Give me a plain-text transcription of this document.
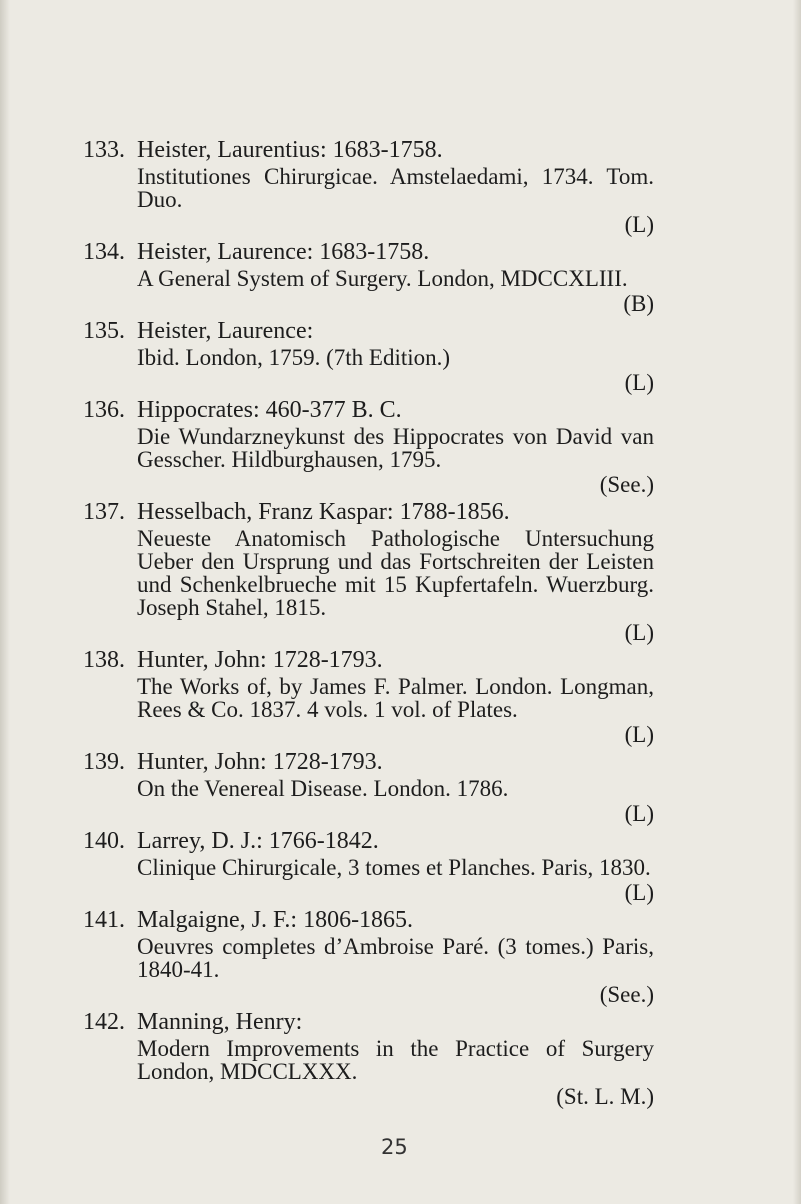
133. Heister, Laurentius: 1683-1758.
Institutiones Chirurgicae. Amstelaedami, 1734. Tom. Duo.
(L)
134. Heister, Laurence: 1683-1758.
A General System of Surgery. London, MDCCXLIII.
(B)
135. Heister, Laurence:
Ibid. London, 1759. (7th Edition.)
(L)
136. Hippocrates: 460-377 B. C.
Die Wundarzneykunst des Hippocrates von David van Gesscher. Hildburghausen, 1795.
(See.)
137. Hesselbach, Franz Kaspar: 1788-1856.
Neueste Anatomisch Pathologische Untersuchung Ueber den Ursprung und das Fortschreiten der Leisten und Schenkelbrueche mit 15 Kupfertafeln. Wuerzburg. Joseph Stahel, 1815.
(L)
138. Hunter, John: 1728-1793.
The Works of, by James F. Palmer. London. Longman, Rees & Co. 1837. 4 vols. 1 vol. of Plates.
(L)
139. Hunter, John: 1728-1793.
On the Venereal Disease. London. 1786.
(L)
140. Larrey, D. J.: 1766-1842.
Clinique Chirurgicale, 3 tomes et Planches. Paris, 1830.
(L)
141. Malgaigne, J. F.: 1806-1865.
Oeuvres completes d’Ambroise Paré. (3 tomes.) Paris, 1840-41.
(See.)
142. Manning, Henry:
Modern Improvements in the Practice of Surgery London, MDCCLXXX.
(St. L. M.)
25
